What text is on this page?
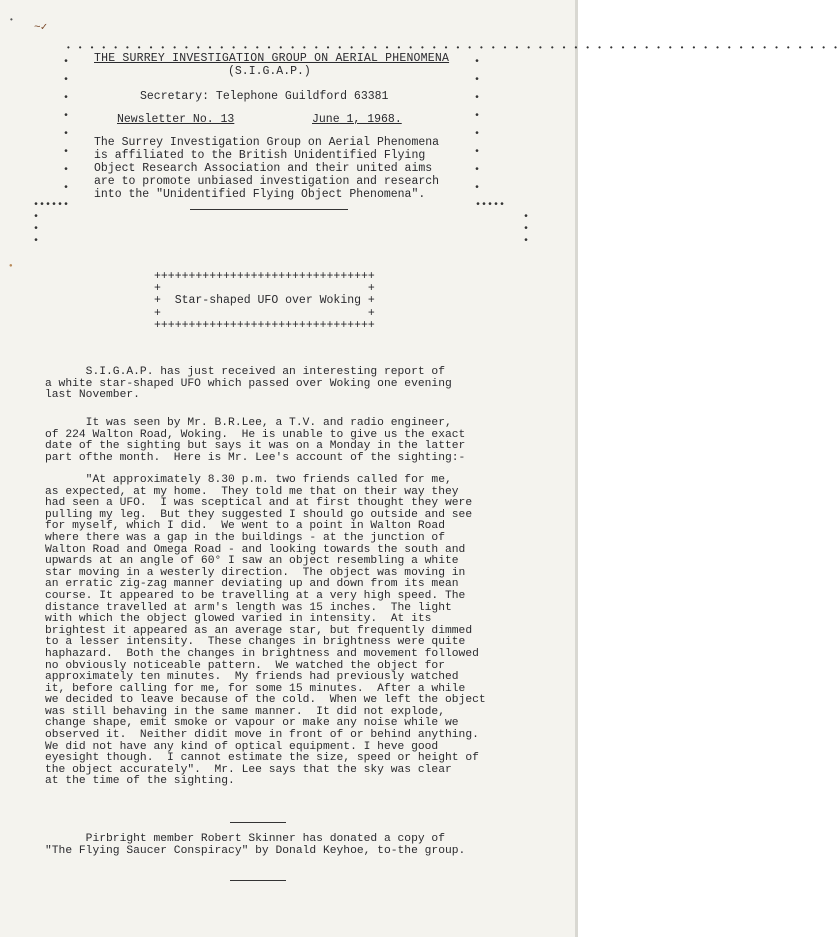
•
~✓
●
• • • • • • • • • • • • • • • • • • • • • • • • • • • • • • • • • • • • • • • • • • • • • • • • • • • • • • • • • • • • • • • • • •
•
•
•
•
•
•
•
•
•
•
•
•
•
•
•
•
••••••
•
•
•
•••••
•
•
•
THE SURREY INVESTIGATION GROUP ON AERIAL PHENOMENA
(S.I.G.A.P.)
Secretary: Telephone Guildford 63381
Newsletter No. 13	June 1, 1968.
The Surrey Investigation Group on Aerial Phenomena
is affiliated to the British Unidentified Flying
Object Research Association and their united aims
are to promote unbiased investigation and research
into the "Unidentified Flying Object Phenomena".
++++++++++++++++++++++++++++++++
+                              +
+  Star-shaped UFO over Woking +
+                              +
++++++++++++++++++++++++++++++++
S.I.G.A.P. has just received an interesting report of
a white star-shaped UFO which passed over Woking one evening
last November.
It was seen by Mr. B.R.Lee, a T.V. and radio engineer,
of 224 Walton Road, Woking.  He is unable to give us the exact
date of the sighting but says it was on a Monday in the latter
part ofthe month.  Here is Mr. Lee's account of the sighting:-
"At approximately 8.30 p.m. two friends called for me,
as expected, at my home.  They told me that on their way they
had seen a UFO.  I was sceptical and at first thought they were
pulling my leg.  But they suggested I should go outside and see
for myself, which I did.  We went to a point in Walton Road
where there was a gap in the buildings - at the junction of
Walton Road and Omega Road - and looking towards the south and
upwards at an angle of 60° I saw an object resembling a white
star moving in a westerly direction.  The object was moving in
an erratic zig-zag manner deviating up and down from its mean
course. It appeared to be travelling at a very high speed. The
distance travelled at arm's length was 15 inches.  The light
with which the object glowed varied in intensity.  At its
brightest it appeared as an average star, but frequently dimmed
to a lesser intensity.  These changes in brightness were quite
haphazard.  Both the changes in brightness and movement followed
no obviously noticeable pattern.  We watched the object for
approximately ten minutes.  My friends had previously watched
it, before calling for me, for some 15 minutes.  After a while
we decided to leave because of the cold.  When we left the object
was still behaving in the same manner.  It did not explode,
change shape, emit smoke or vapour or make any noise while we
observed it.  Neither didit move in front of or behind anything.
We did not have any kind of optical equipment. I heve good
eyesight though.  I cannot estimate the size, speed or height of
the object accurately".  Mr. Lee says that the sky was clear
at the time of the sighting.
Pirbright member Robert Skinner has donated a copy of
"The Flying Saucer Conspiracy" by Donald Keyhoe, to-the group.
